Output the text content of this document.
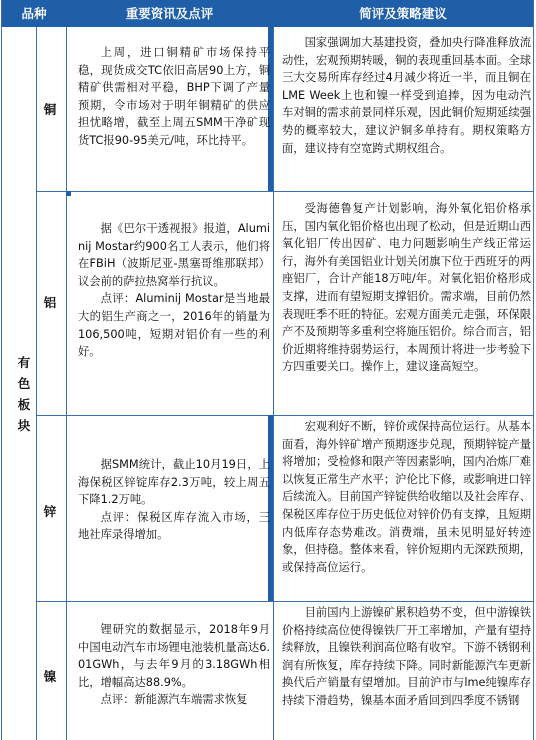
品种	重要资讯及点评	简评及策略建议
有色板块
铜

上周，进口铜精矿市场保持平稳，现货成交TC依旧高居90上方，铜精矿供需相对平稳，BHP下调了产量预期，令市场对于明年铜精矿的供应担忧略增，截至上周五SMM干净矿现货TC报90-95美元/吨，环比持平。

国家强调加大基建投资，叠加央行降准释放流动性，宏观预期转暖，铜的表现重回基本面。全球三大交易所库存经过4月减少将近一半，而且铜在LME Week上也和镍一样受到追捧，因为电动汽车对铜的需求前景同样乐观，因此铜价短期延续强势的概率较大，建议沪铜多单持有。期权策略方面，建议持有空宽跨式期权组合。
铝

据《巴尔干透视报》报道，Aluminij Mostar约900名工人表示，他们将在FBiH（波斯尼亚-黑塞哥维那联邦）议会前的萨拉热窝举行抗议。

点评：Aluminij Mostar是当地最大的铝生产商之一，2016年的销量为106,500吨，短期对铝价有一些的利好。

受海德鲁复产计划影响，海外氧化铝价格承压，国内氧化铝价格也出现了松动，但是近期山西氧化铝厂传出因矿、电力问题影响生产线正常运行，海外有美国铝业计划关闭旗下位于西班牙的两座铝厂，合计产能18万吨/年。对氧化铝价格形成支撑，进而有望短期支撑铝价。需求端，目前仍然表现旺季不旺的特征。宏观方面美元走强，环保限产不及预期等多重利空将施压铝价。综合而言，铝价近期将维持弱势运行，本周预计将进一步考验下方四重要关口。操作上，建议逢高短空。
锌

据SMM统计，截止10月19日，上海保税区锌锭库存2.3万吨，较上周五下降1.2万吨。

点评：保税区库存流入市场，三地社库录得增加。

宏观利好不断，锌价或保持高位运行。从基本面看，海外锌矿增产预期逐步兑现，预期锌锭产量将增加；受检修和限产等因素影响，国内冶炼厂难以恢复正常生产水平；沪伦比下修，或影响进口锌后续流入。目前国产锌锭供给收缩以及社会库存、保税区库存位于历史低位对锌价仍有支撑，且短期内低库存态势难改。消费端，虽未见明显好转迹象，但持稳。整体来看，锌价短期内无深跌预期，或保持高位运行。
镍

锂研究的数据显示，2018年9月中国电动汽车市场锂电池装机量高达6.01GWh，与去年9月的3.18GWh相比，增幅高达88.9%。

点评：新能源汽车端需求恢复

目前国内上游镍矿累积趋势不变，但中游镍铁价格持续高位使得镍铁厂开工率增加，产量有望持续释放，且镍铁利润高位略有收窄。下游不锈钢利润有所恢复，库存持续下降。同时新能源汽车更新换代后产销量有望增加。目前沪市与lme纯镍库存持续下滑趋势，镍基本面矛盾回到四季度不锈钢
